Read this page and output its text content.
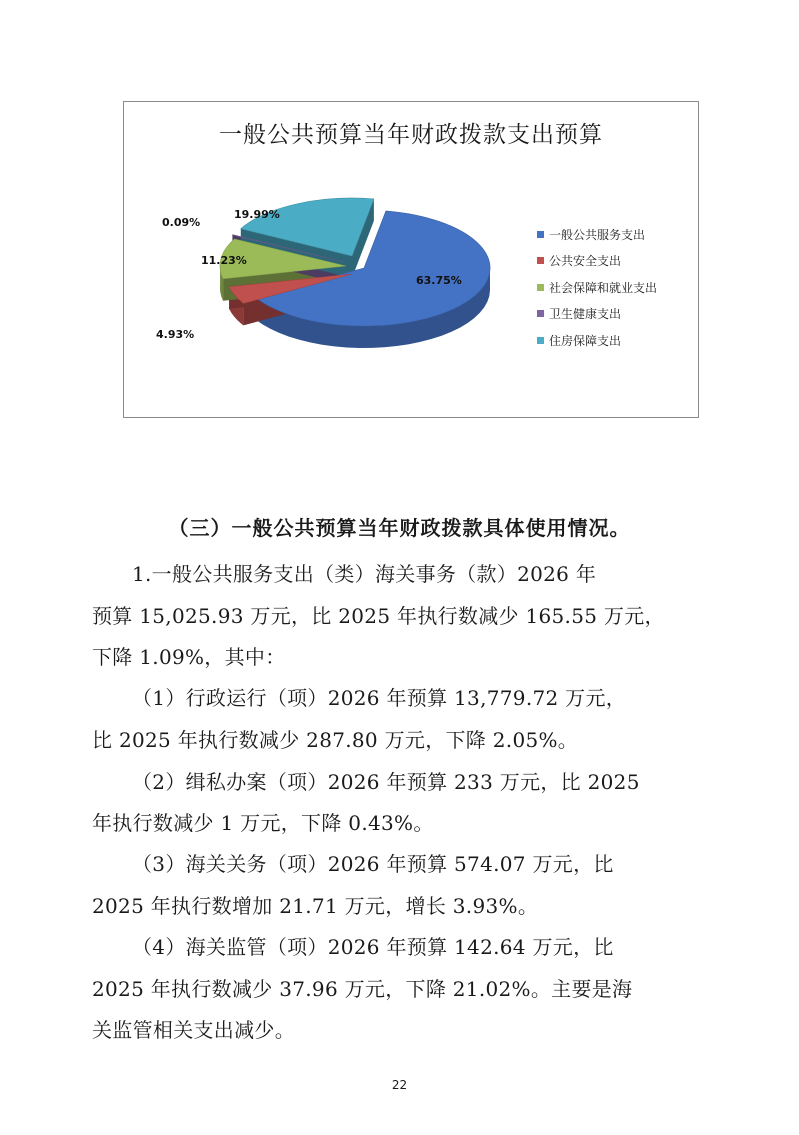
一般公共预算当年财政拨款支出预算
63.75%
4.93%
11.23%
0.09%
19.99%
一般公共服务支出
公共安全支出
社会保障和就业支出
卫生健康支出
住房保障支出
（三）一般公共预算当年财政拨款具体使用情况。
1.一般公共服务支出（类）海关事务（款）2026 年
预算 15,025.93 万元，比 2025 年执行数减少 165.55 万元，
下降 1.09%，其中：
（1）行政运行（项）2026 年预算 13,779.72 万元，
比 2025 年执行数减少 287.80 万元，下降 2.05%。
（2）缉私办案（项）2026 年预算 233 万元，比 2025
年执行数减少 1 万元，下降 0.43%。
（3）海关关务（项）2026 年预算 574.07 万元，比
2025 年执行数增加 21.71 万元，增长 3.93%。
（4）海关监管（项）2026 年预算 142.64 万元，比
2025 年执行数减少 37.96 万元，下降 21.02%。主要是海
关监管相关支出减少。
22
